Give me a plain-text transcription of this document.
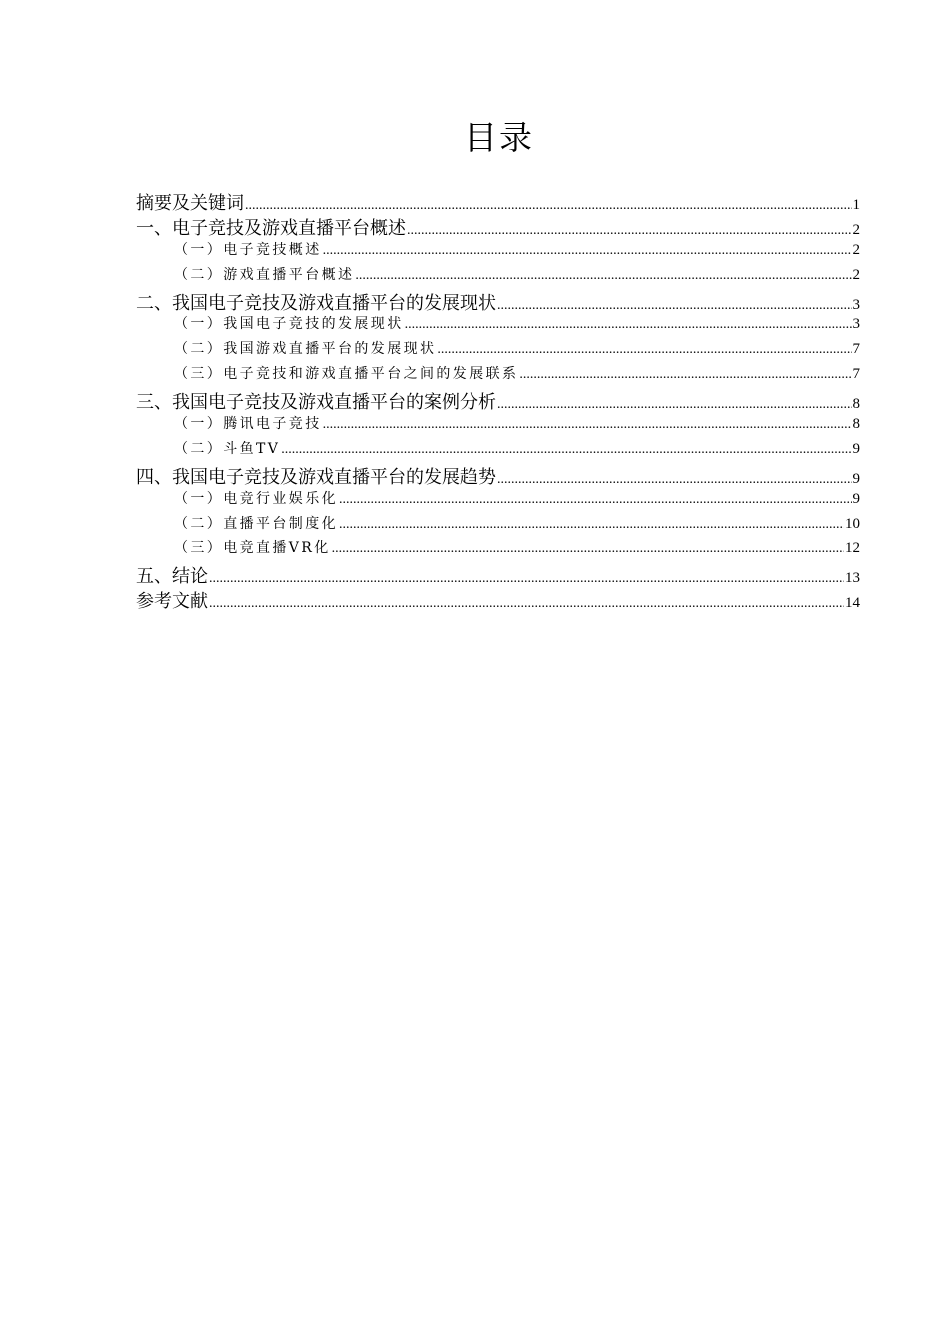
目录
摘要及关键词 .....	1
一、电子竞技及游戏直播平台概述 .....	2
（一）电子竞技概述 .....	2
（二）游戏直播平台概述 .....	2
二、我国电子竞技及游戏直播平台的发展现状 .....	3
（一）我国电子竞技的发展现状 .....	3
（二）我国游戏直播平台的发展现状 .....	7
（三）电子竞技和游戏直播平台之间的发展联系 .....	7
三、我国电子竞技及游戏直播平台的案例分析 .....	8
（一）腾讯电子竞技 .....	8
（二）斗鱼TV .....	9
四、我国电子竞技及游戏直播平台的发展趋势 .....	9
（一）电竞行业娱乐化 .....	9
（二）直播平台制度化 .....	10
（三）电竞直播VR化 .....	12
五、结论 .....	13
参考文献 .....	14
